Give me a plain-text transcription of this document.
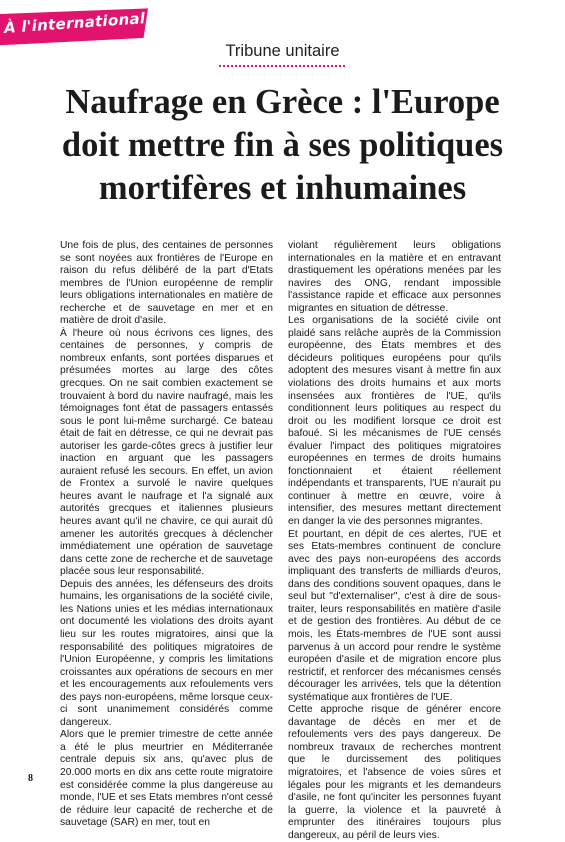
À l'international
Tribune unitaire
Naufrage en Grèce : l'Europe
doit mettre fin à ses politiques
mortifères et inhumaines

Une fois de plus, des centaines de personnes se sont noyées aux frontières de l'Europe en raison du refus délibéré de la part d'Etats membres de l'Union européenne de remplir leurs obligations internationales en matière de recherche et de sauvetage en mer et en matière de droit d'asile.

À l'heure où nous écrivons ces lignes, des centaines de personnes, y compris de nombreux enfants, sont portées disparues et présumées mortes au large des côtes grecques. On ne sait combien exactement se trouvaient à bord du navire naufragé, mais les témoignages font état de passagers entassés sous le pont lui-même surchargé. Ce bateau était de fait en détresse, ce qui ne devrait pas autoriser les garde-côtes grecs à justifier leur inaction en arguant que les passagers auraient refusé les secours. En effet, un avion de Frontex a survolé le navire quelques heures avant le naufrage et l'a signalé aux autorités grecques et italiennes plusieurs heures avant qu'il ne chavire, ce qui aurait dû amener les autorités grecques à déclencher immédiatement une opération de sauvetage dans cette zone de recherche et de sauvetage placée sous leur responsabilité.

Depuis des années, les défenseurs des droits humains, les organisations de la société civile, les Nations unies et les médias internationaux ont documenté les violations des droits ayant lieu sur les routes migratoires, ainsi que la responsabilité des politiques migratoires de l'Union Européenne, y compris les limitations croissantes aux opérations de secours en mer et les encouragements aux refoulements vers des pays non-européens, même lorsque ceux-ci sont unanimement considérés comme dangereux.

Alors que le premier trimestre de cette année a été le plus meurtrier en Méditerranée centrale depuis six ans, qu'avec plus de 20.000 morts en dix ans cette route migratoire est considérée comme la plus dangereuse au monde, l'UE et ses Etats membres n'ont cessé de réduire leur capacité de recherche et de sauvetage (SAR) en mer, tout en

violant régulièrement leurs obligations internationales en la matière et en entravant drastiquement les opérations menées par les navires des ONG, rendant impossible l'assistance rapide et efficace aux personnes migrantes en situation de détresse.

Les organisations de la société civile ont plaidé sans relâche auprès de la Commission européenne, des États membres et des décideurs politiques européens pour qu'ils adoptent des mesures visant à mettre fin aux violations des droits humains et aux morts insensées aux frontières de l'UE, qu'ils conditionnent leurs politiques au respect du droit ou les modifient lorsque ce droit est bafoué. Si les mécanismes de l'UE censés évaluer l'impact des politiques migratoires européennes en termes de droits humains fonctionnaient et étaient réellement indépendants et transparents, l'UE n'aurait pu continuer à mettre en œuvre, voire à intensifier, des mesures mettant directement en danger la vie des personnes migrantes.

Et pourtant, en dépit de ces alertes, l'UE et ses Etats-membres continuent de conclure avec des pays non-européens des accords impliquant des transferts de milliards d'euros, dans des conditions souvent opaques, dans le seul but "d'externaliser", c'est à dire de sous-traiter, leurs responsabilités en matière d'asile et de gestion des frontières. Au début de ce mois, les États-membres de l'UE sont aussi parvenus à un accord pour rendre le système européen d'asile et de migration encore plus restrictif, et renforcer des mécanismes censés décourager les arrivées, tels que la détention systématique aux frontières de l'UE.

Cette approche risque de générer encore davantage de décès en mer et de refoulements vers des pays dangereux. De nombreux travaux de recherches montrent que le durcissement des politiques migratoires, et l'absence de voies sûres et légales pour les migrants et les demandeurs d'asile, ne font qu'inciter les personnes fuyant la guerre, la violence et la pauvreté à emprunter des itinéraires toujours plus dangereux, au péril de leurs vies.

8
